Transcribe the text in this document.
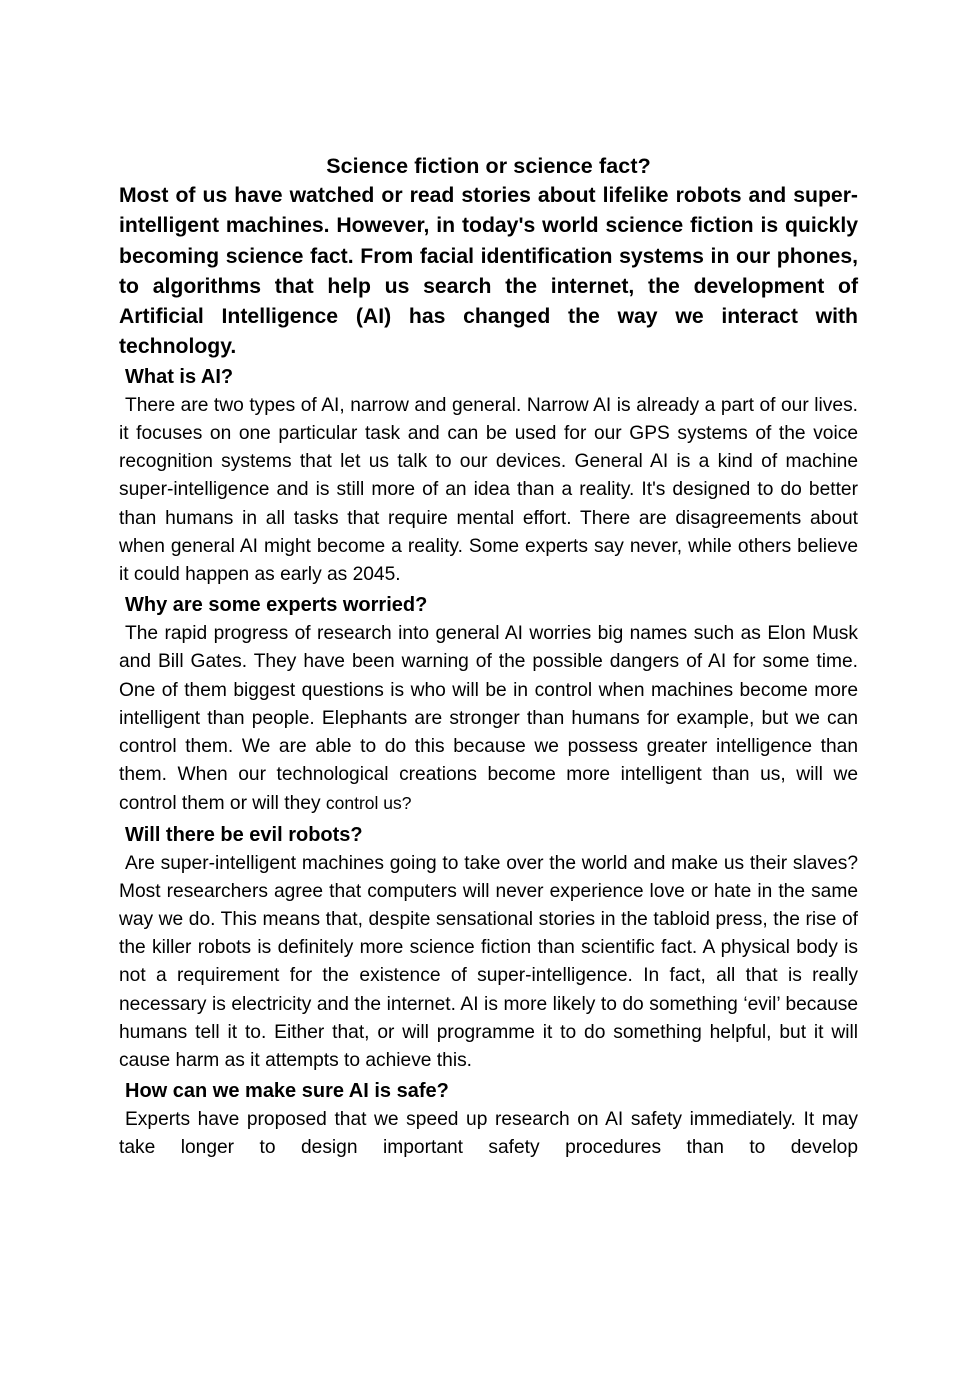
Science fiction or science fact?

Most of us have watched or read stories about lifelike robots and super-intelligent machines. However, in today's world science fiction is quickly becoming science fact. From facial identification systems in our phones, to algorithms that help us search the internet, the development of Artificial Intelligence (AI) has changed the way we interact with technology.

What is AI?

There are two types of AI, narrow and general. Narrow AI is already a part of our lives. it focuses on one particular task and can be used for our GPS systems of the voice recognition systems that let us talk to our devices. General AI is a kind of machine super-intelligence and is still more of an idea than a reality. It's designed to do better than humans in all tasks that require mental effort. There are disagreements about when general AI might become a reality. Some experts say never, while others believe it could happen as early as 2045.

Why are some experts worried?

The rapid progress of research into general AI worries big names such as Elon Musk and Bill Gates. They have been warning of the possible dangers of AI for some time. One of them biggest questions is who will be in control when machines become more intelligent than people. Elephants are stronger than humans for example, but we can control them. We are able to do this because we possess greater intelligence than them. When our technological creations become more intelligent than us, will we control them or will they control us?

Will there be evil robots?

Are super-intelligent machines going to take over the world and make us their slaves? Most researchers agree that computers will never experience love or hate in the same way we do. This means that, despite sensational stories in the tabloid press, the rise of the killer robots is definitely more science fiction than scientific fact. A physical body is not a requirement for the existence of super-intelligence. In fact, all that is really necessary is electricity and the internet. AI is more likely to do something ‘evil’ because humans tell it to. Either that, or will programme it to do something helpful, but it will cause harm as it attempts to achieve this.

How can we make sure AI is safe?

Experts have proposed that we speed up research on AI safety immediately. It may take longer to design important safety procedures than to develop
